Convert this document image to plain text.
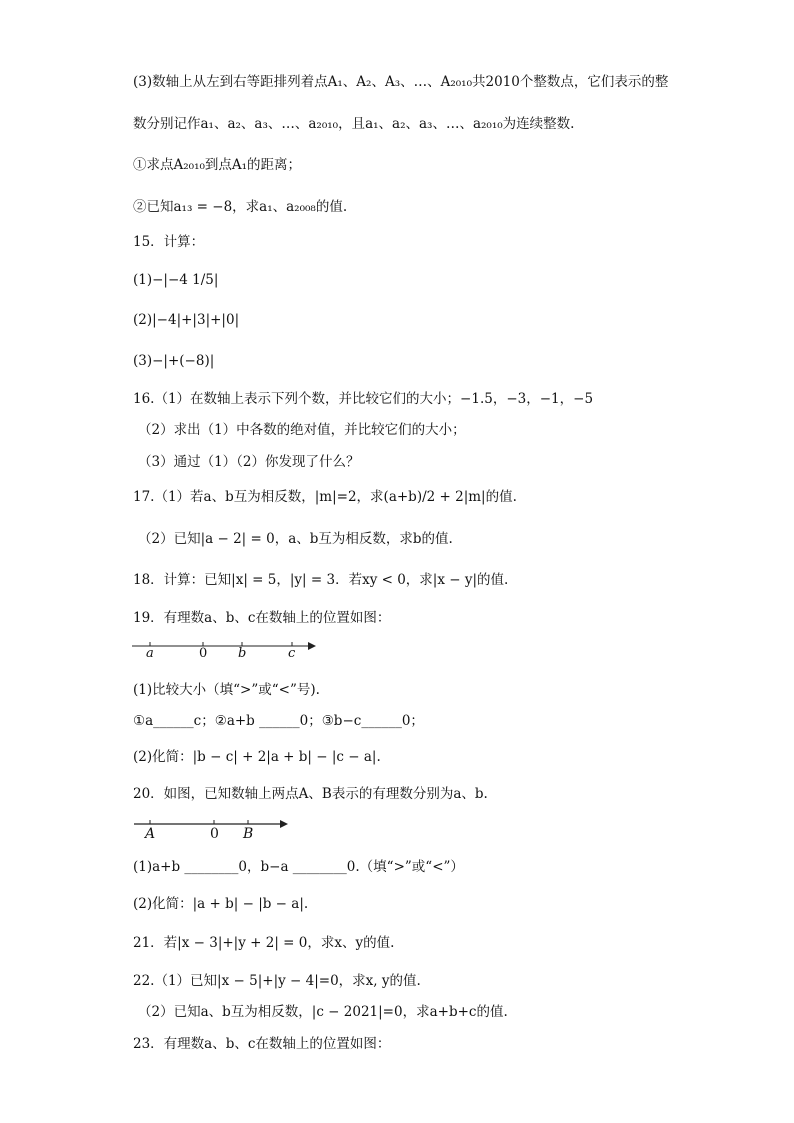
(3)数轴上从左到右等距排列着点A₁、A₂、A₃、…、A₂₀₁₀共2010个整数点，它们表示的整
数分别记作a₁、a₂、a₃、…、a₂₀₁₀，且a₁、a₂、a₃、…、a₂₀₁₀为连续整数.
①求点A₂₀₁₀到点A₁的距离；
②已知a₁₃ = −8，求a₁、a₂₀₀₈的值.
15．计算：
(1)−|−4 1/5|
(2)|−4|+|3|+|0|
(3)−|+(−8)|
16.（1）在数轴上表示下列个数，并比较它们的大小；−1.5，−3，−1，−5
（2）求出（1）中各数的绝对值，并比较它们的大小；
（3）通过（1）（2）你发现了什么？
17.（1）若a、b互为相反数，|m|=2，求(a+b)/2 + 2|m|的值.
（2）已知|a − 2| = 0，a、b互为相反数，求b的值.
18．计算：已知|x| = 5，|y| = 3．若xy < 0，求|x − y|的值.
19．有理数a、b、c在数轴上的位置如图：
a	0 b	c
(1)比较大小（填“>”或“<”号).
①a______c；②a+b ______0；③b−c______0；
(2)化简：|b − c| + 2|a + b| − |c − a|.
20．如图，已知数轴上两点A、B表示的有理数分别为a、b.
A	0 B
(1)a+b ________0，b−a ________0.（填“>”或“<”）
(2)化简：|a + b| − |b − a|.
21．若|x − 3|+|y + 2| = 0，求x、y的值.
22.（1）已知|x − 5|+|y − 4|=0，求x, y的值.
（2）已知a、b互为相反数，|c − 2021|=0，求a+b+c的值.
23．有理数a、b、c在数轴上的位置如图：
